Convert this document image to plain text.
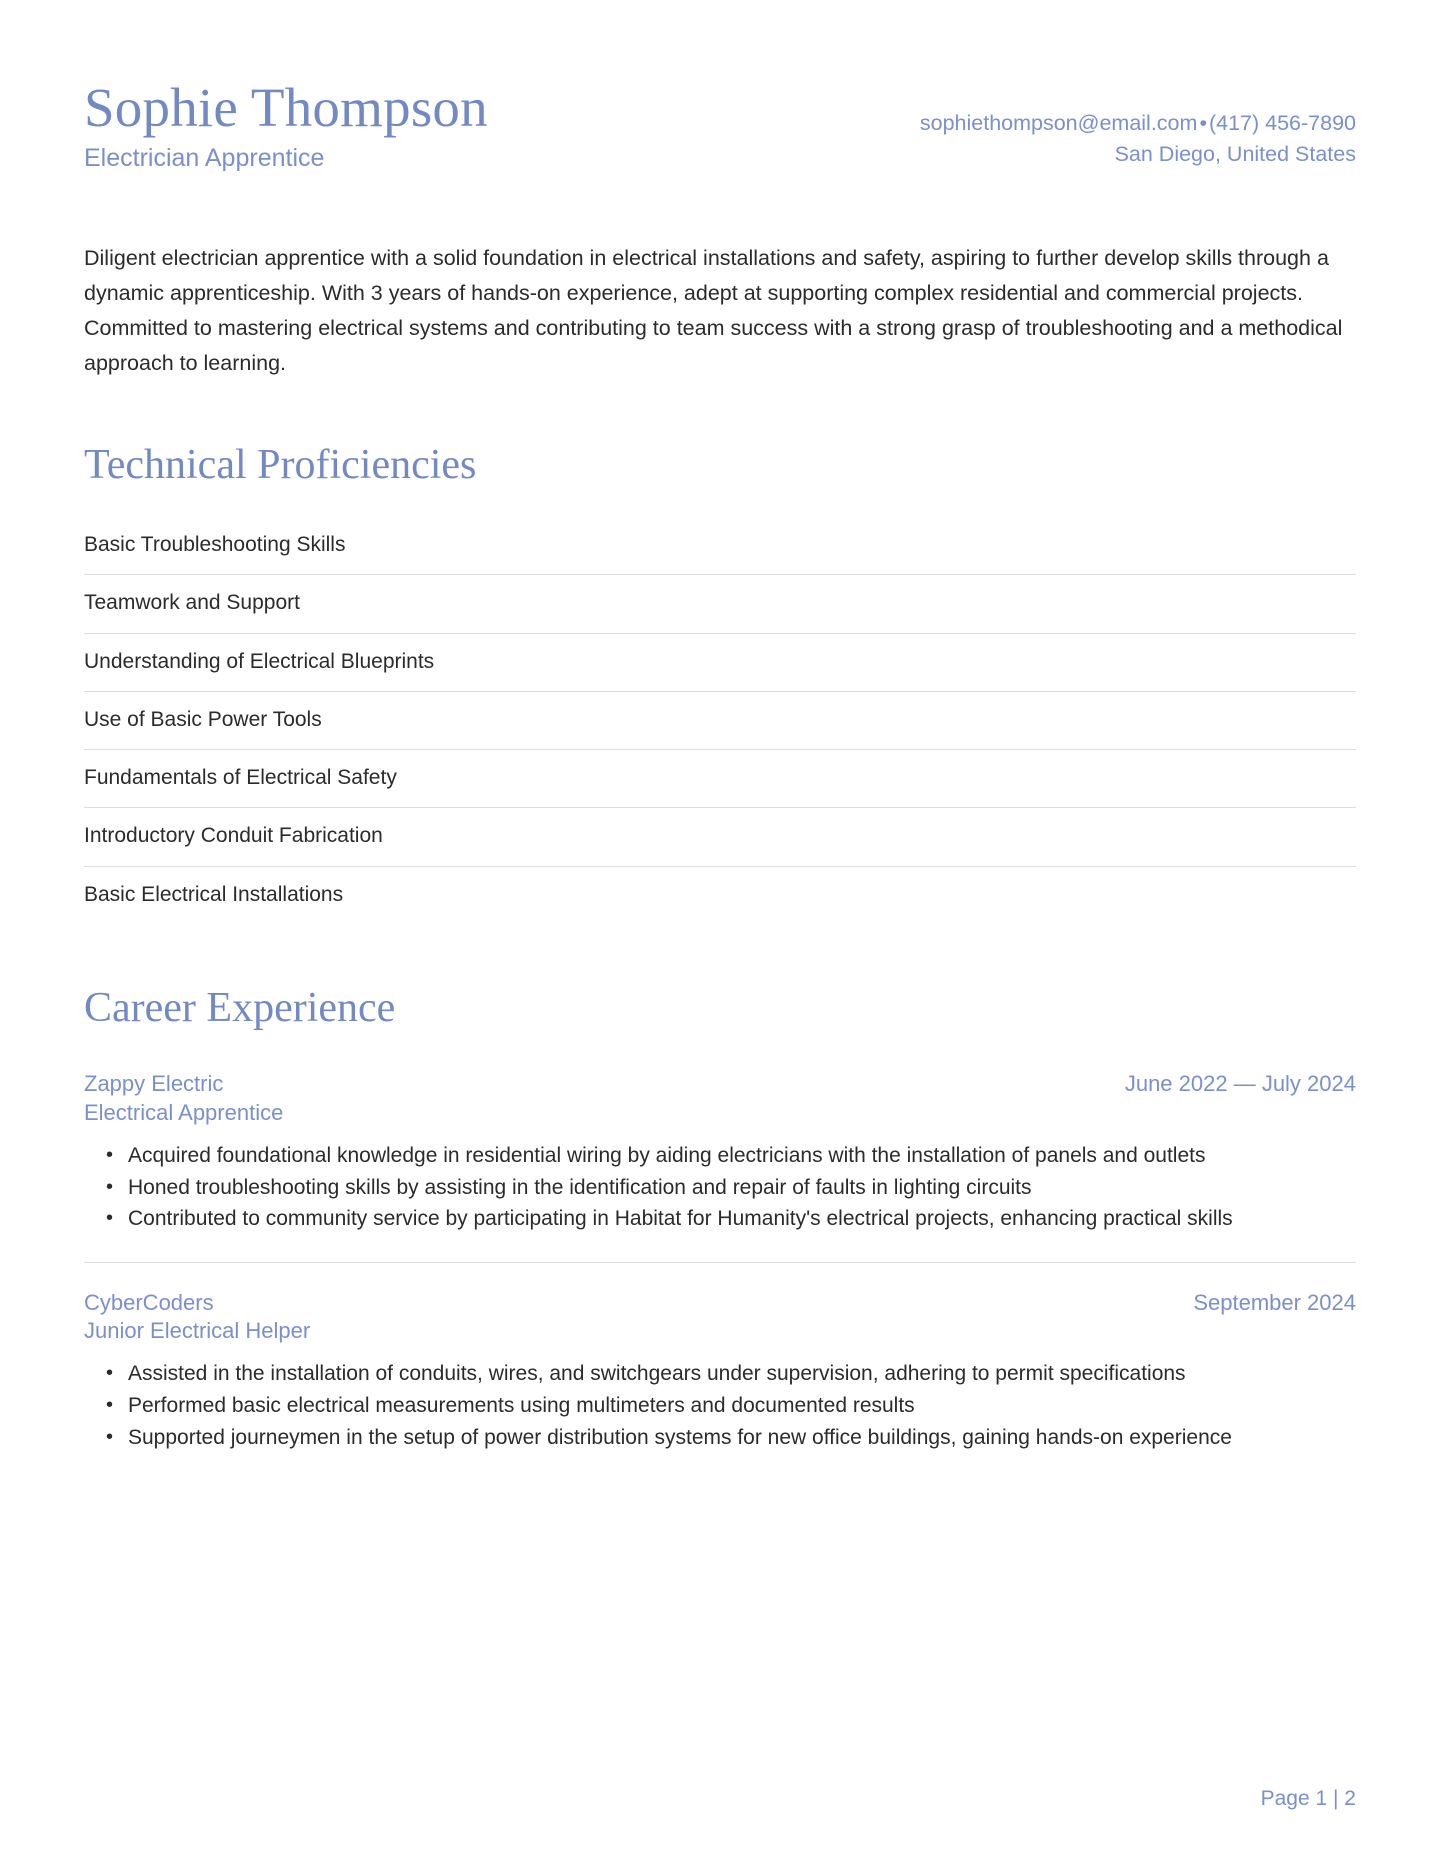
Sophie Thompson
Electrician Apprentice
sophiethompson@email.com•(417) 456-7890
San Diego, United States
Diligent electrician apprentice with a solid foundation in electrical installations and safety, aspiring to further develop skills through a dynamic apprenticeship. With 3 years of hands-on experience, adept at supporting complex residential and commercial projects. Committed to mastering electrical systems and contributing to team success with a strong grasp of troubleshooting and a methodical approach to learning.
Technical Proficiencies
Basic Troubleshooting Skills
Teamwork and Support
Understanding of Electrical Blueprints
Use of Basic Power Tools
Fundamentals of Electrical Safety
Introductory Conduit Fabrication
Basic Electrical Installations
Career Experience
Zappy Electric
Electrical Apprentice
June 2022 — July 2024
• Acquired foundational knowledge in residential wiring by aiding electricians with the installation of panels and outlets
• Honed troubleshooting skills by assisting in the identification and repair of faults in lighting circuits
• Contributed to community service by participating in Habitat for Humanity's electrical projects, enhancing practical skills
CyberCoders
Junior Electrical Helper
September 2024
• Assisted in the installation of conduits, wires, and switchgears under supervision, adhering to permit specifications
• Performed basic electrical measurements using multimeters and documented results
• Supported journeymen in the setup of power distribution systems for new office buildings, gaining hands-on experience
Page 1 | 2
